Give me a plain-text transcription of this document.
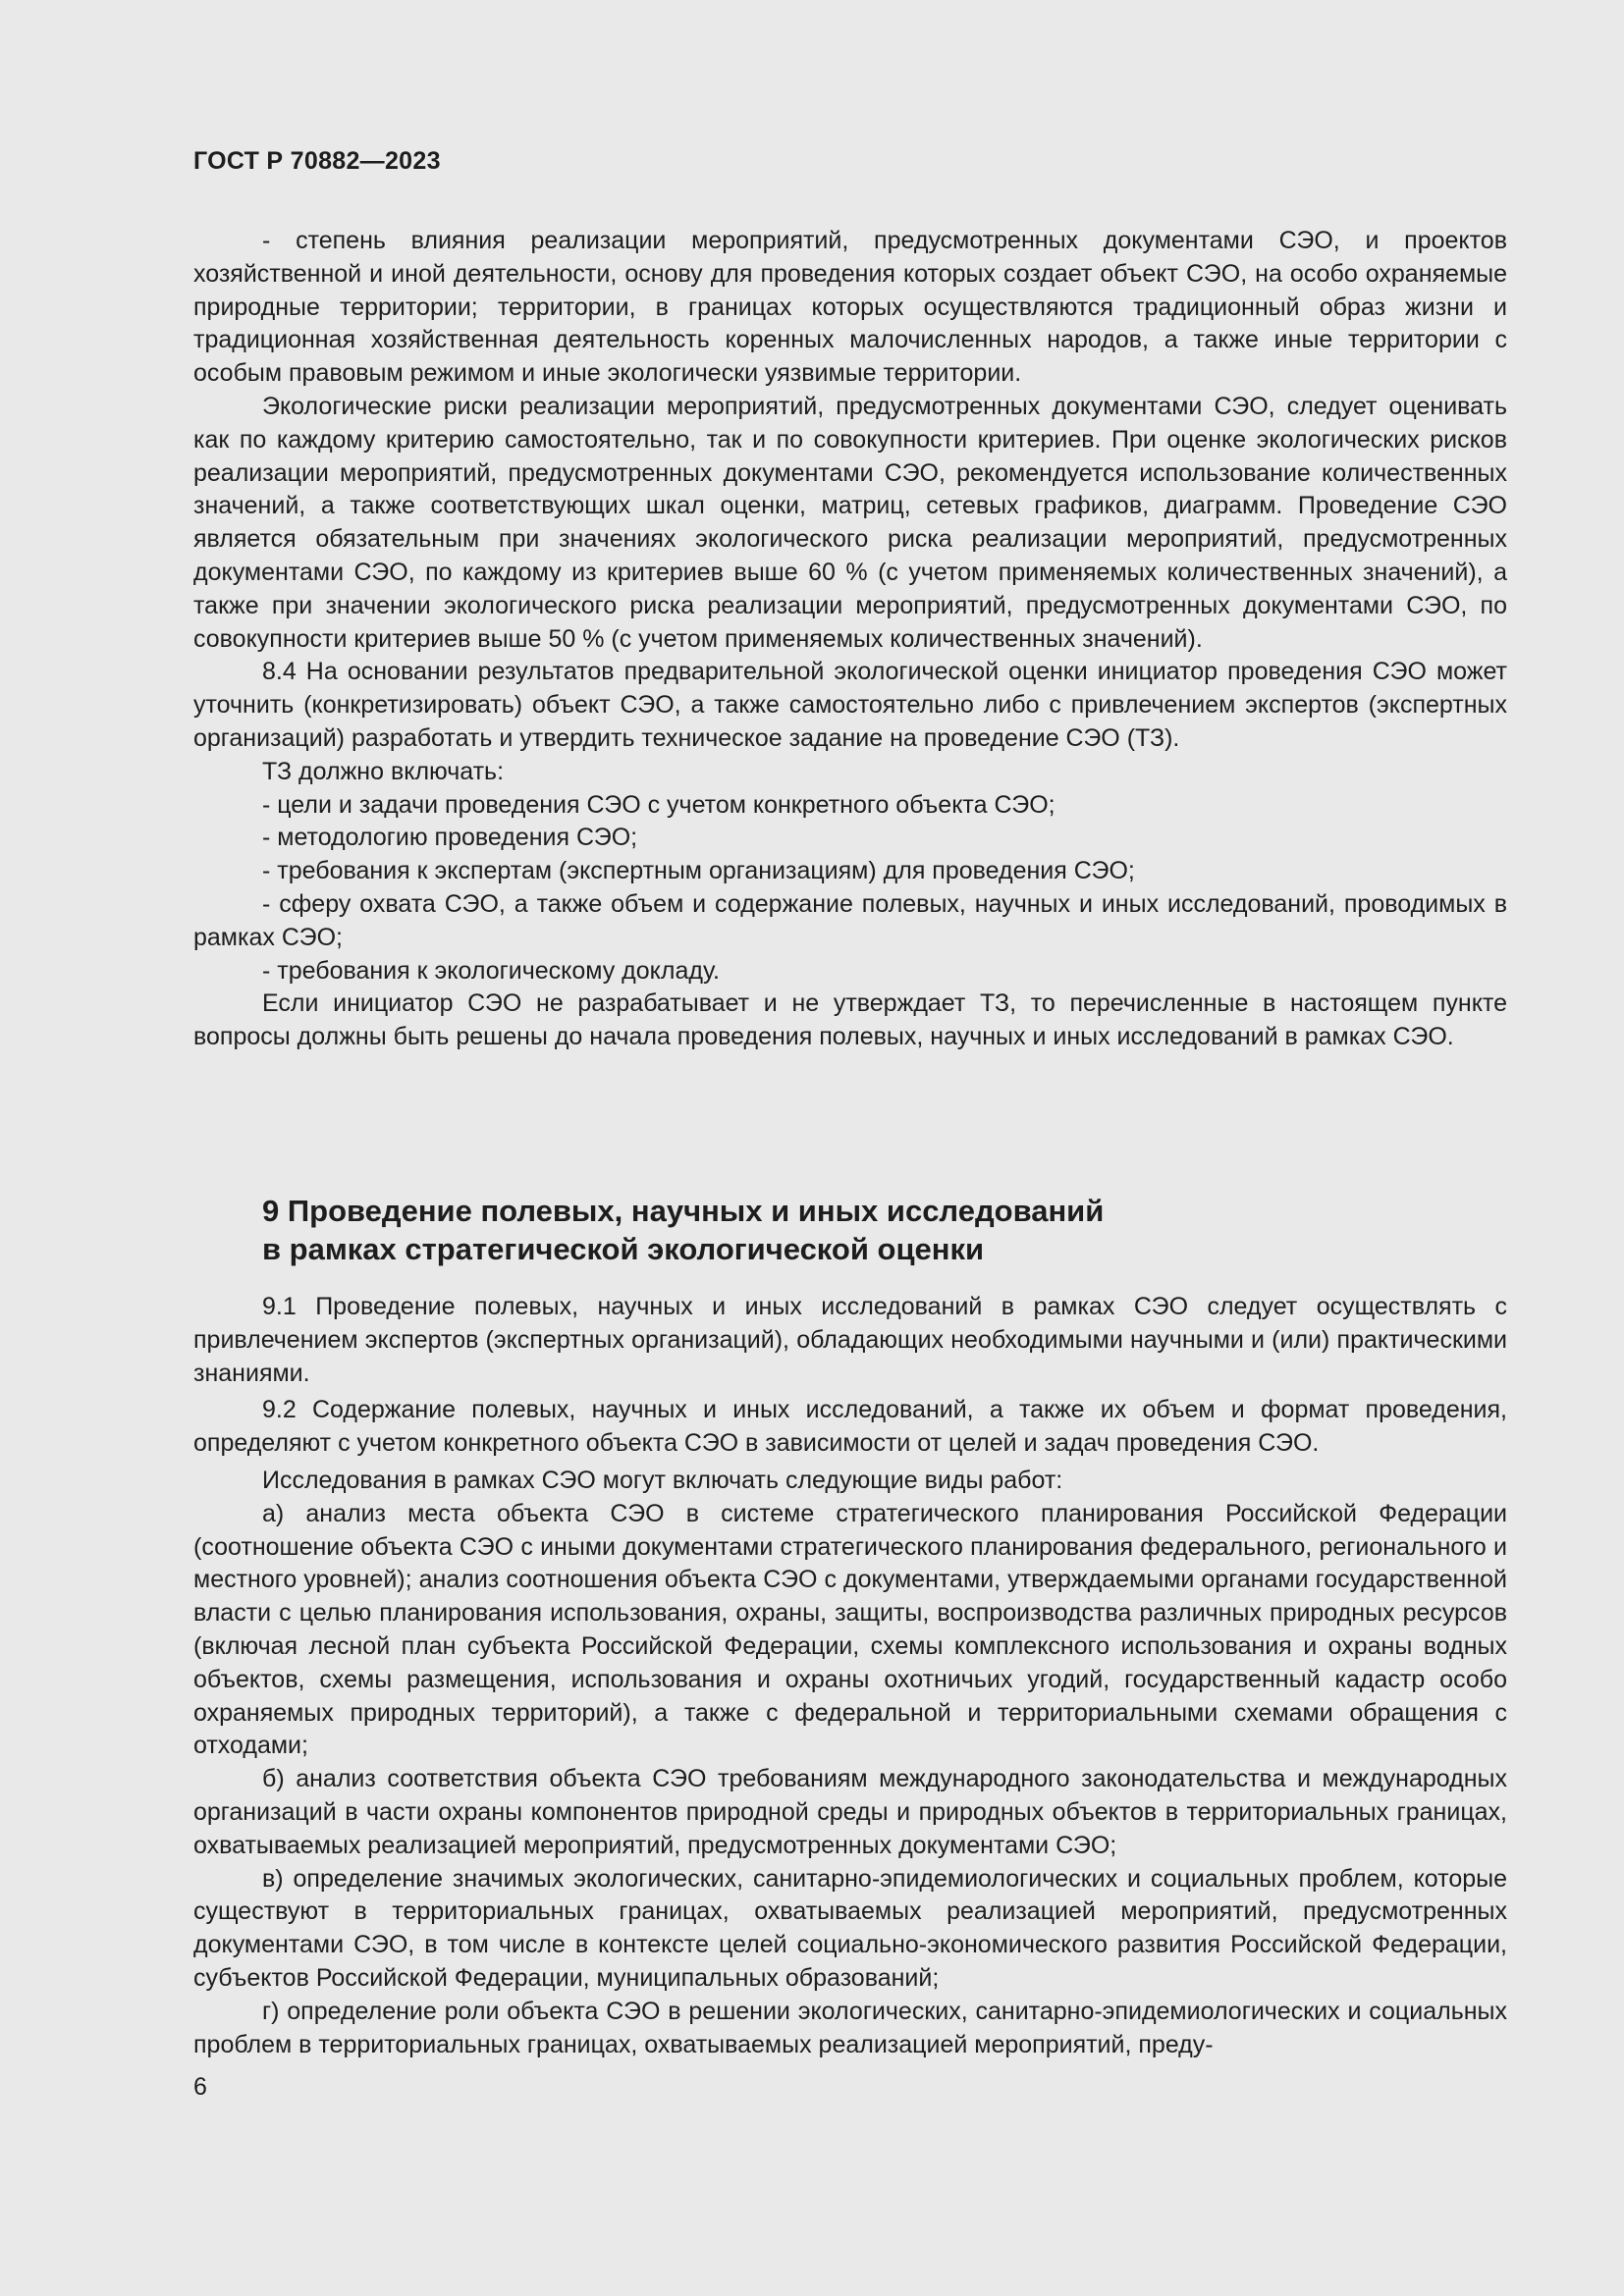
ГОСТ Р 70882—2023

- степень влияния реализации мероприятий, предусмотренных документами СЭО, и проектов хозяйственной и иной деятельности, основу для проведения которых создает объект СЭО, на особо охраняемые природные территории; территории, в границах которых осуществляются традиционный образ жизни и традиционная хозяйственная деятельность коренных малочисленных народов, а также иные территории с особым правовым режимом и иные экологически уязвимые территории.

Экологические риски реализации мероприятий, предусмотренных документами СЭО, следует оценивать как по каждому критерию самостоятельно, так и по совокупности критериев. При оценке экологических рисков реализации мероприятий, предусмотренных документами СЭО, рекомендуется использование количественных значений, а также соответствующих шкал оценки, матриц, сетевых графиков, диаграмм. Проведение СЭО является обязательным при значениях экологического риска реализации мероприятий, предусмотренных документами СЭО, по каждому из критериев выше 60 % (с учетом применяемых количественных значений), а также при значении экологического риска реализации мероприятий, предусмотренных документами СЭО, по совокупности критериев выше 50 % (с учетом применяемых количественных значений).

8.4 На основании результатов предварительной экологической оценки инициатор проведения СЭО может уточнить (конкретизировать) объект СЭО, а также самостоятельно либо с привлечением экспертов (экспертных организаций) разработать и утвердить техническое задание на проведение СЭО (ТЗ).

ТЗ должно включать:

- цели и задачи проведения СЭО с учетом конкретного объекта СЭО;

- методологию проведения СЭО;

- требования к экспертам (экспертным организациям) для проведения СЭО;

- сферу охвата СЭО, а также объем и содержание полевых, научных и иных исследований, проводимых в рамках СЭО;

- требования к экологическому докладу.

Если инициатор СЭО не разрабатывает и не утверждает ТЗ, то перечисленные в настоящем пункте вопросы должны быть решены до начала проведения полевых, научных и иных исследований в рамках СЭО.

9 Проведение полевых, научных и иных исследований
в рамках стратегической экологической оценки

9.1 Проведение полевых, научных и иных исследований в рамках СЭО следует осуществлять с привлечением экспертов (экспертных организаций), обладающих необходимыми научными и (или) практическими знаниями.

9.2 Содержание полевых, научных и иных исследований, а также их объем и формат проведения, определяют с учетом конкретного объекта СЭО в зависимости от целей и задач проведения СЭО.

Исследования в рамках СЭО могут включать следующие виды работ:

а) анализ места объекта СЭО в системе стратегического планирования Российской Федерации (соотношение объекта СЭО с иными документами стратегического планирования федерального, регионального и местного уровней); анализ соотношения объекта СЭО с документами, утверждаемыми органами государственной власти с целью планирования использования, охраны, защиты, воспроизводства различных природных ресурсов (включая лесной план субъекта Российской Федерации, схемы комплексного использования и охраны водных объектов, схемы размещения, использования и охраны охотничьих угодий, государственный кадастр особо охраняемых природных территорий), а также с федеральной и территориальными схемами обращения с отходами;

б) анализ соответствия объекта СЭО требованиям международного законодательства и международных организаций в части охраны компонентов природной среды и природных объектов в территориальных границах, охватываемых реализацией мероприятий, предусмотренных документами СЭО;

в) определение значимых экологических, санитарно-эпидемиологических и социальных проблем, которые существуют в территориальных границах, охватываемых реализацией мероприятий, предусмотренных документами СЭО, в том числе в контексте целей социально-экономического развития Российской Федерации, субъектов Российской Федерации, муниципальных образований;

г) определение роли объекта СЭО в решении экологических, санитарно-эпидемиологических и социальных проблем в территориальных границах, охватываемых реализацией мероприятий, преду-

6
